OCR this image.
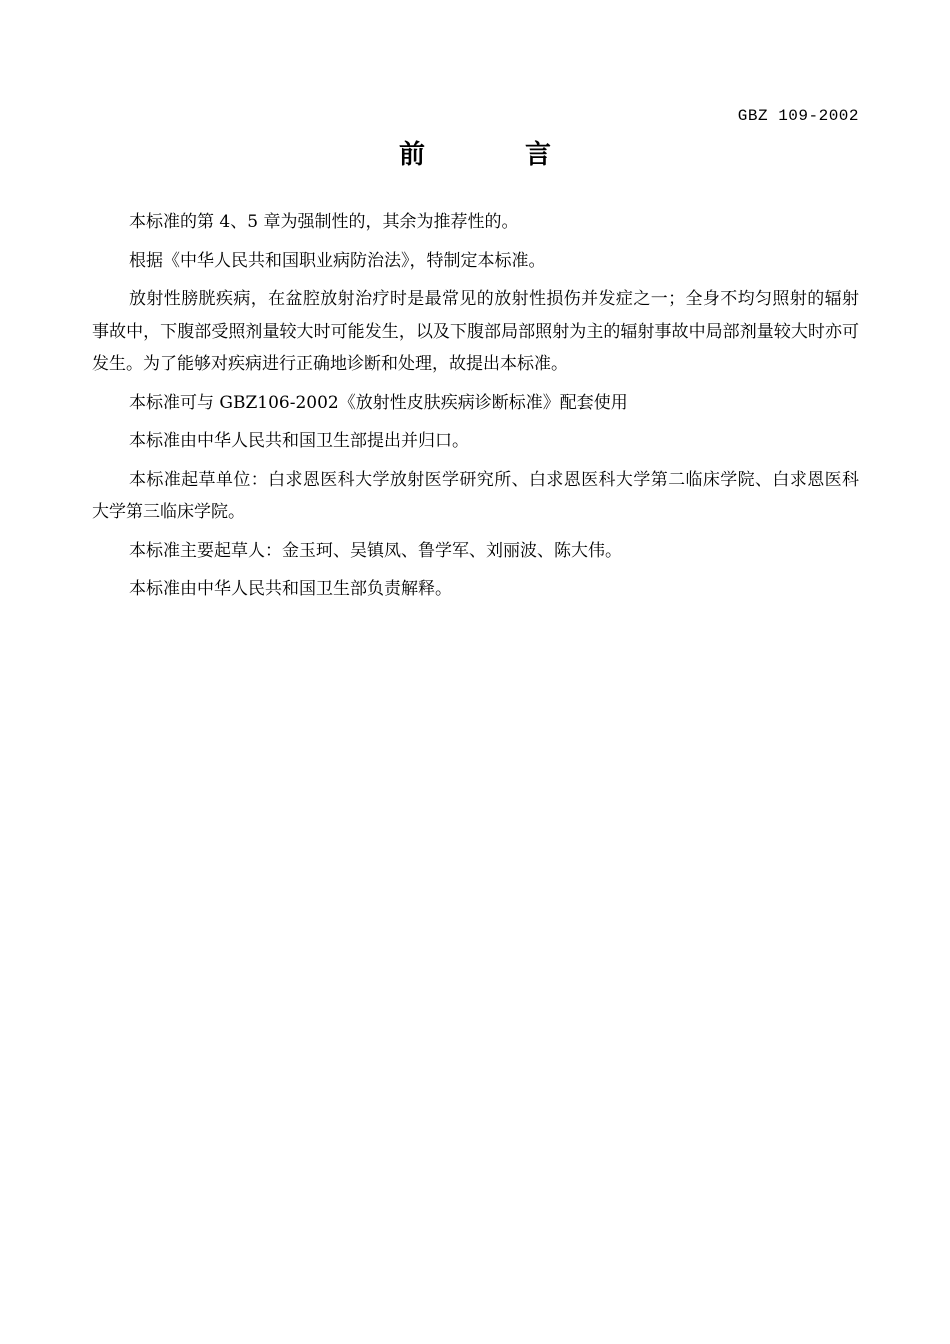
GBZ 109-2002
前言

本标准的第 4、5 章为强制性的，其余为推荐性的。

根据《中华人民共和国职业病防治法》，特制定本标准。

放射性膀胱疾病，在盆腔放射治疗时是最常见的放射性损伤并发症之一；全身不均匀照射的辐射事故中，下腹部受照剂量较大时可能发生，以及下腹部局部照射为主的辐射事故中局部剂量较大时亦可发生。为了能够对疾病进行正确地诊断和处理，故提出本标准。

本标准可与 GBZ106-2002《放射性皮肤疾病诊断标准》配套使用

本标准由中华人民共和国卫生部提出并归口。

本标准起草单位：白求恩医科大学放射医学研究所、白求恩医科大学第二临床学院、白求恩医科大学第三临床学院。

本标准主要起草人：金玉珂、吴镇凤、鲁学军、刘丽波、陈大伟。

本标准由中华人民共和国卫生部负责解释。
